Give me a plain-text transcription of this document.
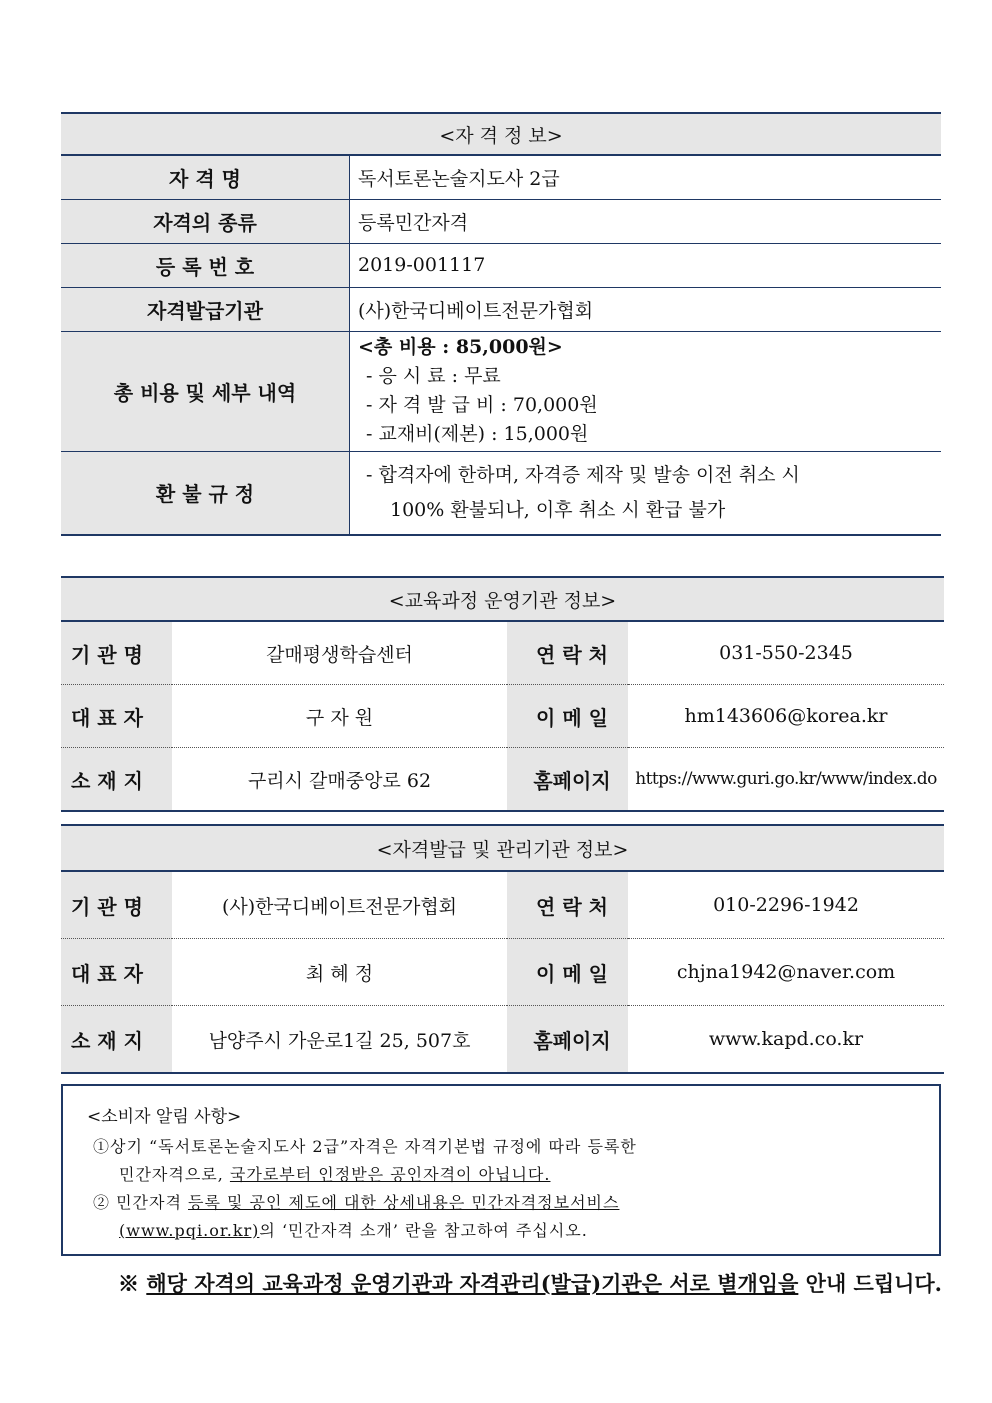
<자 격 정 보>	
자 격 명	독서토론논술지도사 2급
자격의 종류	등록민간자격
등 록 번 호	2019-001117
자격발급기관	(사)한국디베이트전문가협회
총 비용 및 세부 내역	<총 비용 : 85,000원>
- 응 시 료 : 무료
- 자 격 발 급 비 : 70,000원
- 교재비(제본) : 15,000원

환 불 규 정	- 합격자에 한하며, 자격증 제작 및 발송 이전 취소 시
100% 환불되나, 이후 취소 시 환급 불가
<교육과정 운영기관 정보>			
기 관 명	갈매평생학습센터	연 락 처	031-550-2345
대 표 자	구 자 원	이 메 일	hm143606@korea.kr
소 재 지	구리시 갈매중앙로 62	홈페이지	https://www.guri.go.kr/www/index.do
<자격발급 및 관리기관 정보>			
기 관 명	(사)한국디베이트전문가협회	연 락 처	010-2296-1942
대 표 자	최 혜 정	이 메 일	chjna1942@naver.com
소 재 지	남양주시 가운로1길 25, 507호	홈페이지	www.kapd.co.kr
<소비자 알림 사항>
①상기 “독서토론논술지도사 2급”자격은 자격기본법 규정에 따라 등록한
민간자격으로, 국가로부터 인정받은 공인자격이 아닙니다.
② 민간자격 등록 및 공인 제도에 대한 상세내용은 민간자격정보서비스
(www.pqi.or.kr)의 ‘민간자격 소개’ 란을 참고하여 주십시오.
※ 해당 자격의 교육과정 운영기관과 자격관리(발급)기관은 서로 별개임을 안내 드립니다.
